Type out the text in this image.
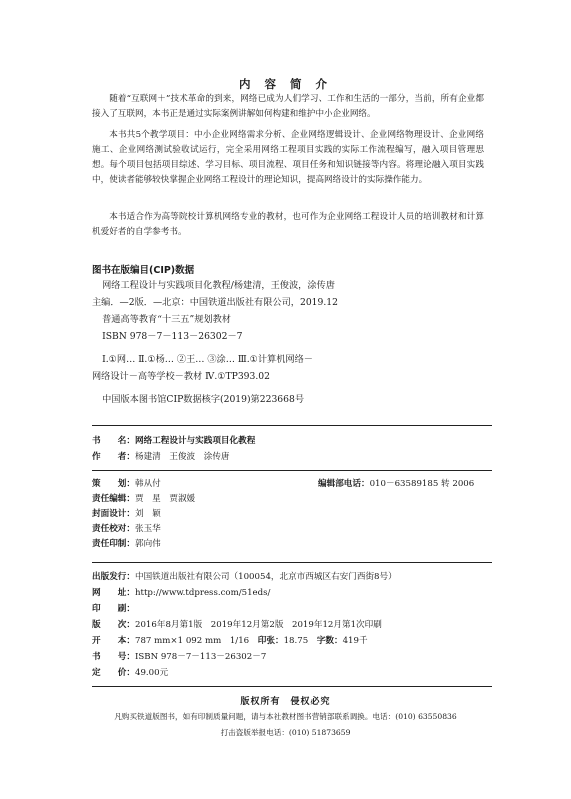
内 容 简 介

随着“互联网＋”技术革命的到来，网络已成为人们学习、工作和生活的一部分，当前，所有企业都接入了互联网，本书正是通过实际案例讲解如何构建和维护中小企业网络。

本书共5个教学项目：中小企业网络需求分析、企业网络逻辑设计、企业网络物理设计、企业网络施工、企业网络测试验收试运行，完全采用网络工程项目实践的实际工作流程编写，融入项目管理思想。每个项目包括项目综述、学习目标、项目流程、项目任务和知识链接等内容。将理论融入项目实践中，使读者能够较快掌握企业网络工程设计的理论知识，提高网络设计的实际操作能力。

本书适合作为高等院校计算机网络专业的教材，也可作为企业网络工程设计人员的培训教材和计算机爱好者的自学参考书。

图书在版编目(CIP)数据
网络工程设计与实践项目化教程/杨建清，王俊波，涂传唐
主编．—2版．—北京：中国铁道出版社有限公司，2019.12
普通高等教育“十三五”规划教材
ISBN 978－7－113－26302－7
Ⅰ.①网… Ⅱ.①杨… ②王… ③涂… Ⅲ.①计算机网络－
网络设计－高等学校－教材 Ⅳ.①TP393.02
中国版本图书馆CIP数据核字(2019)第223668号
书　　名：网络工程设计与实践项目化教程
作　　者：杨建清　王俊波　涂传唐
策　　划：韩从付	编辑部电话：010－63589185 转 2006
责任编辑：贾　星　贾淑媛
封面设计：刘　颖
责任校对：张玉华
责任印制：郭向伟
出版发行：中国铁道出版社有限公司（100054，北京市西城区右安门西街8号）
网　　址：http://www.tdpress.com/51eds/
印　　刷：
版　　次：2016年8月第1版　2019年12月第2版　2019年12月第1次印刷
开　　本：787 mm×1 092 mm　1/16　 印张：18.75　 字数：419千
书　　号：ISBN 978－7－113－26302－7
定　　价：49.00元
版权所有　侵权必究
凡购买铁道版图书，如有印制质量问题，请与本社教材图书营销部联系调换。电话：(010) 63550836
打击盗版举报电话：(010) 51873659
